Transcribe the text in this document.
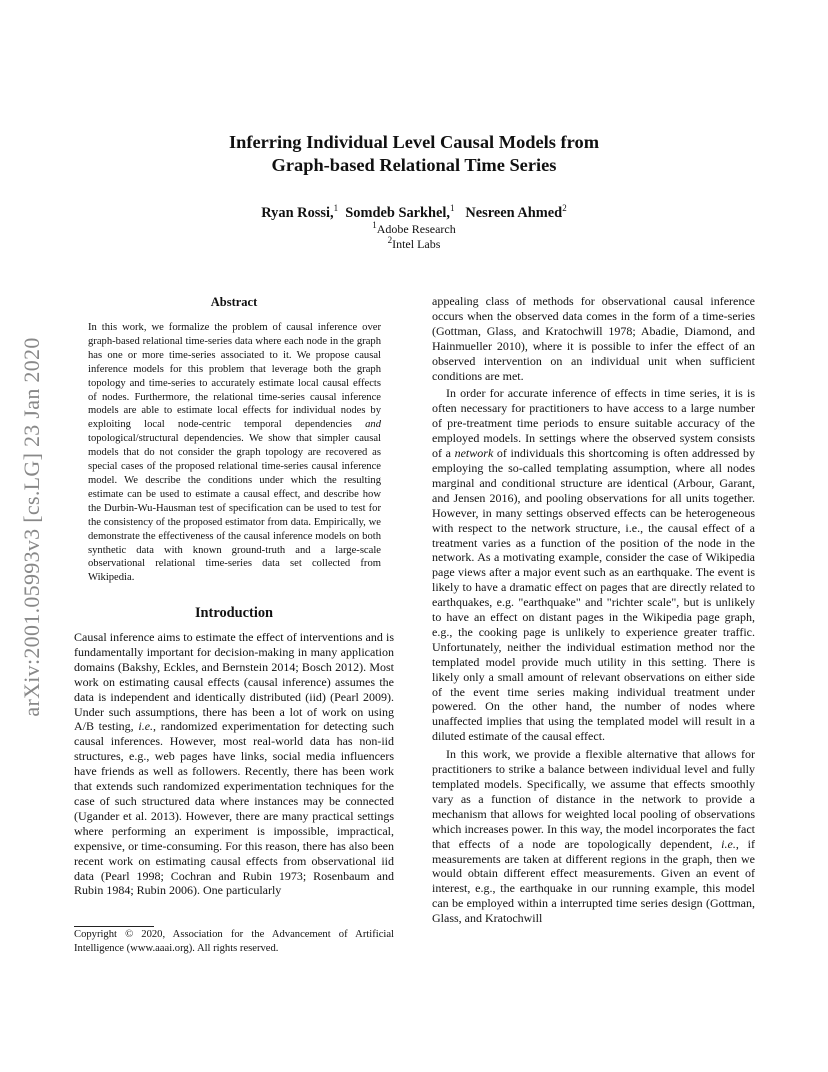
arXiv:2001.05993v3 [cs.LG] 23 Jan 2020
Inferring Individual Level Causal Models from
Graph-based Relational Time Series
Ryan Rossi,$^1$ Somdeb Sarkhel,$^1$ Nesreen Ahmed$^2$
$^1$Adobe Research
$^2$Intel Labs
Abstract

In this work, we formalize the problem of causal inference over graph-based relational time-series data where each node in the graph has one or more time-series associated to it. We propose causal inference models for this problem that leverage both the graph topology and time-series to accurately estimate local causal effects of nodes. Furthermore, the relational time-series causal inference models are able to estimate local effects for individual nodes by exploiting local node-centric temporal dependencies and topological/structural dependencies. We show that simpler causal models that do not consider the graph topology are recovered as special cases of the proposed relational time-series causal inference model. We describe the conditions under which the resulting estimate can be used to estimate a causal effect, and describe how the Durbin-Wu-Hausman test of specification can be used to test for the consistency of the proposed estimator from data. Empirically, we demonstrate the effectiveness of the causal inference models on both synthetic data with known ground-truth and a large-scale observational relational time-series data set collected from Wikipedia.

Introduction

Causal inference aims to estimate the effect of interventions and is fundamentally important for decision-making in many application domains (Bakshy, Eckles, and Bernstein 2014; Bosch 2012). Most work on estimating causal effects (causal inference) assumes the data is independent and identically distributed (iid) (Pearl 2009). Under such assumptions, there has been a lot of work on using A/B testing, i.e., randomized experimentation for detecting such causal inferences. However, most real-world data has non-iid structures, e.g., web pages have links, social media influencers have friends as well as followers. Recently, there has been work that extends such randomized experimentation techniques for the case of such structured data where instances may be connected (Ugander et al. 2013). However, there are many practical settings where performing an experiment is impossible, impractical, expensive, or time-consuming. For this reason, there has also been recent work on estimating causal effects from observational iid data (Pearl 1998; Cochran and Rubin 1973; Rosenbaum and Rubin 1984; Rubin 2006). One particularly

Copyright © 2020, Association for the Advancement of Artificial Intelligence (www.aaai.org). All rights reserved.

appealing class of methods for observational causal inference occurs when the observed data comes in the form of a time-series (Gottman, Glass, and Kratochwill 1978; Abadie, Diamond, and Hainmueller 2010), where it is possible to infer the effect of an observed intervention on an individual unit when sufficient conditions are met.

In order for accurate inference of effects in time series, it is is often necessary for practitioners to have access to a large number of pre-treatment time periods to ensure suitable accuracy of the employed models. In settings where the observed system consists of a network of individuals this shortcoming is often addressed by employing the so-called templating assumption, where all nodes marginal and conditional structure are identical (Arbour, Garant, and Jensen 2016), and pooling observations for all units together. However, in many settings observed effects can be heterogeneous with respect to the network structure, i.e., the causal effect of a treatment varies as a function of the position of the node in the network. As a motivating example, consider the case of Wikipedia page views after a major event such as an earthquake. The event is likely to have a dramatic effect on pages that are directly related to earthquakes, e.g. "earthquake" and "richter scale", but is unlikely to have an effect on distant pages in the Wikipedia page graph, e.g., the cooking page is unlikely to experience greater traffic. Unfortunately, neither the individual estimation method nor the templated model provide much utility in this setting. There is likely only a small amount of relevant observations on either side of the event time series making individual treatment under powered. On the other hand, the number of nodes where unaffected implies that using the templated model will result in a diluted estimate of the causal effect.

In this work, we provide a flexible alternative that allows for practitioners to strike a balance between individual level and fully templated models. Specifically, we assume that effects smoothly vary as a function of distance in the network to provide a mechanism that allows for weighted local pooling of observations which increases power. In this way, the model incorporates the fact that effects of a node are topologically dependent, i.e., if measurements are taken at different regions in the graph, then we would obtain different effect measurements. Given an event of interest, e.g., the earthquake in our running example, this model can be employed within a interrupted time series design (Gottman, Glass, and Kratochwill
